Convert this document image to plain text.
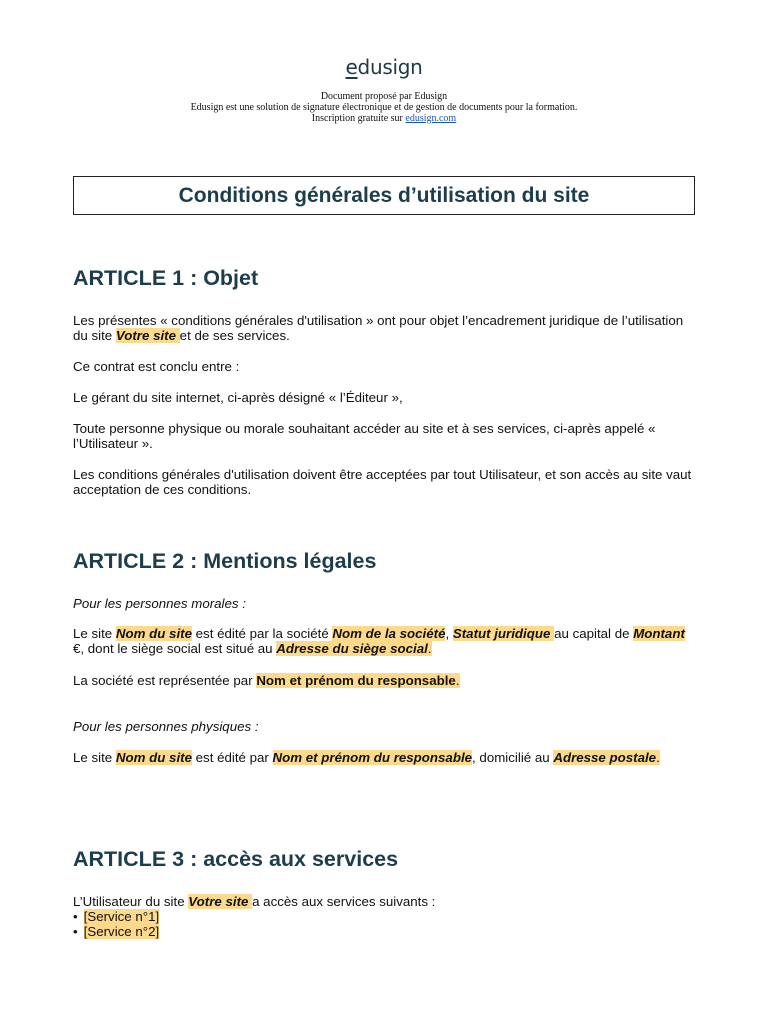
edusign
Document proposé par Edusign
Edusign est une solution de signature électronique et de gestion de documents pour la formation.
Inscription gratuite sur edusign.com
Conditions générales d’utilisation du site
ARTICLE 1 : Objet

Les présentes « conditions générales d'utilisation » ont pour objet l’encadrement juridique de l’utilisation du site Votre site et de ses services.

Ce contrat est conclu entre :

Le gérant du site internet, ci-après désigné « l’Éditeur »,

Toute personne physique ou morale souhaitant accéder au site et à ses services, ci-après appelé « l’Utilisateur ».

Les conditions générales d'utilisation doivent être acceptées par tout Utilisateur, et son accès au site vaut acceptation de ces conditions.

ARTICLE 2 : Mentions légales

Pour les personnes morales :

Le site Nom du site est édité par la société Nom de la société, Statut juridique au capital de Montant €, dont le siège social est situé au Adresse du siège social.

La société est représentée par Nom et prénom du responsable.

Pour les personnes physiques :

Le site Nom du site est édité par Nom et prénom du responsable, domicilié au Adresse postale.

ARTICLE 3 : accès aux services

L’Utilisateur du site Votre site a accès aux services suivants :

• [Service n°1]
• [Service n°2]
